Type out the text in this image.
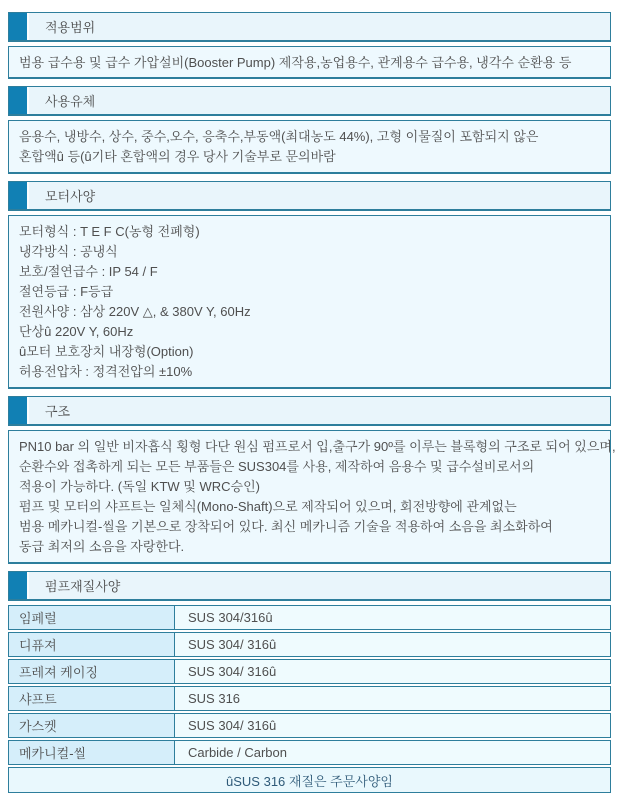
적용범위
범용 급수용 및 급수 가압설비(Booster Pump) 제작용,농업용수, 관계용수 급수용, 냉각수 순환용 등
사용유체
음용수, 냉방수, 상수, 중수,오수, 응축수,부동액(최대농도 44%), 고형 이물질이 포함되지 않은
혼합액û 등(û기타 혼합액의 경우 당사 기술부로 문의바람
모터사양
모터형식 : T E F C(농형 전폐형)
냉각방식 : 공냉식
보호/절연급수 : IP 54 / F
절연등급 : F등급
전원사양 : 삼상 220V △, & 380V Y, 60Hz
단상û 220V Y, 60Hz
û모터 보호장치 내장형(Option)
허용전압차 : 정격전압의 ±10%
구조
PN10 bar 의 일반 비자흡식 횡형 다단 원심 펌프로서 입,출구가 90º를 이루는 블록형의 구조로 되어 있으며,
순환수와 접촉하게 되는 모든 부품들은 SUS304를 사용, 제작하여 음용수 및 급수설비로서의
적용이 가능하다. (독일 KTW 및 WRC승인)
펌프 및 모터의 샤프트는 일체식(Mono-Shaft)으로 제작되어 있으며, 회전방향에 관계없는
범용 메카니컬-씰을 기본으로 장착되어 있다. 최신 메카니즘 기술을 적용하여 소음을 최소화하여
동급 최저의 소음을 자랑한다.
펌프재질사양
임페럴	SUS 304/316û
디퓨져	SUS 304/ 316û
프레져 케이징	SUS 304/ 316û
샤프트	SUS 316
가스켓	SUS 304/ 316û
메카니컬-씰	Carbide / Carbon
ûSUS 316 재질은 주문사양임
